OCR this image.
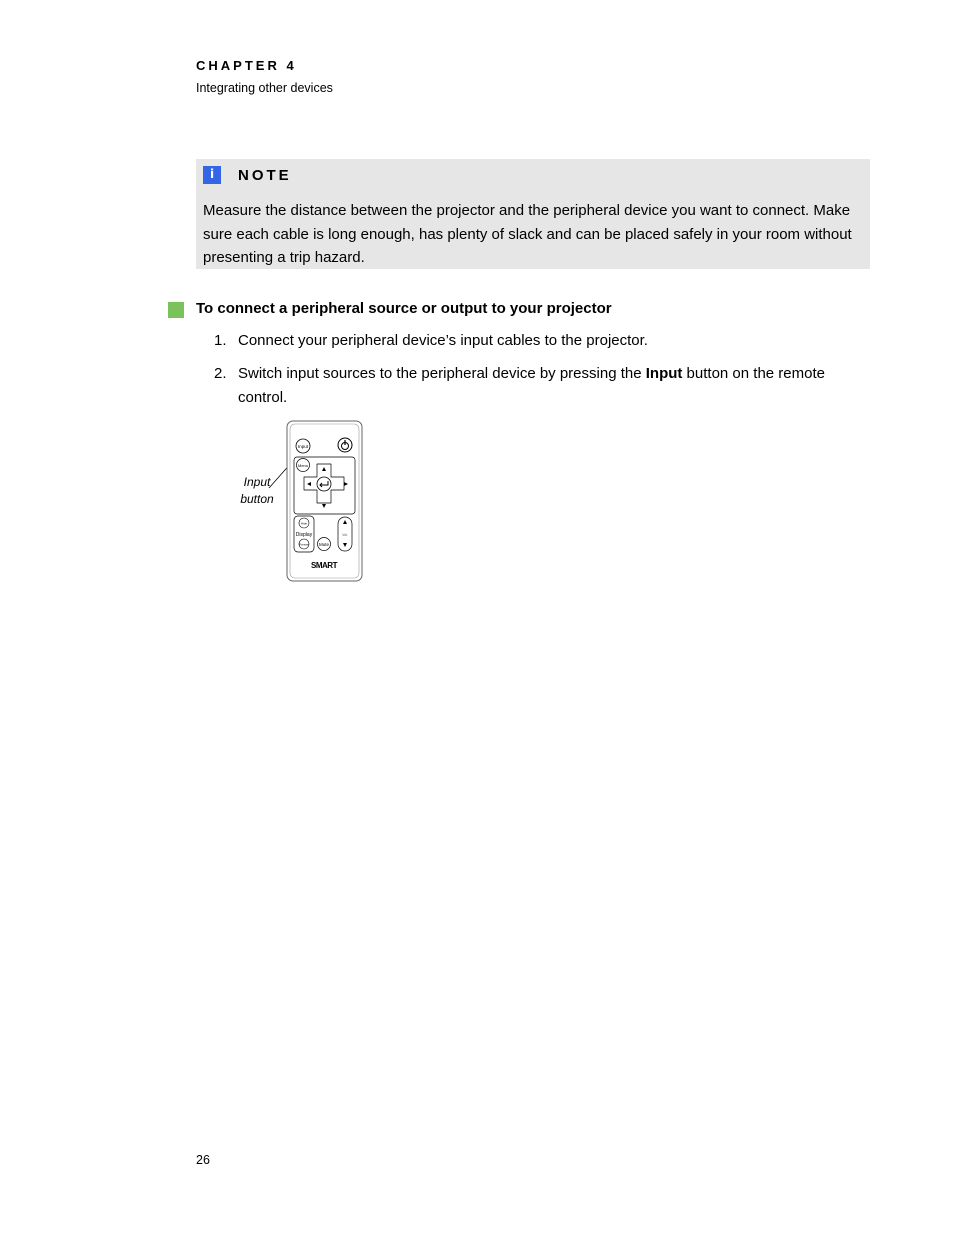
CHAPTER 4
Integrating other devices
i	NOTE
Measure the distance between the projector and the peripheral device you want to connect. Make sure each cable is long enough, has plenty of slack and can be placed safely in your room without presenting a trip hazard.
To connect a peripheral source or output to your projector
1. Connect your peripheral device’s input cables to the projector.
2. Switch input sources to the peripheral device by pressing the Input button on the remote control.
Input
button
Input
Menu
Hide
Display
Freeze Mute
Vol.
SMART
26
